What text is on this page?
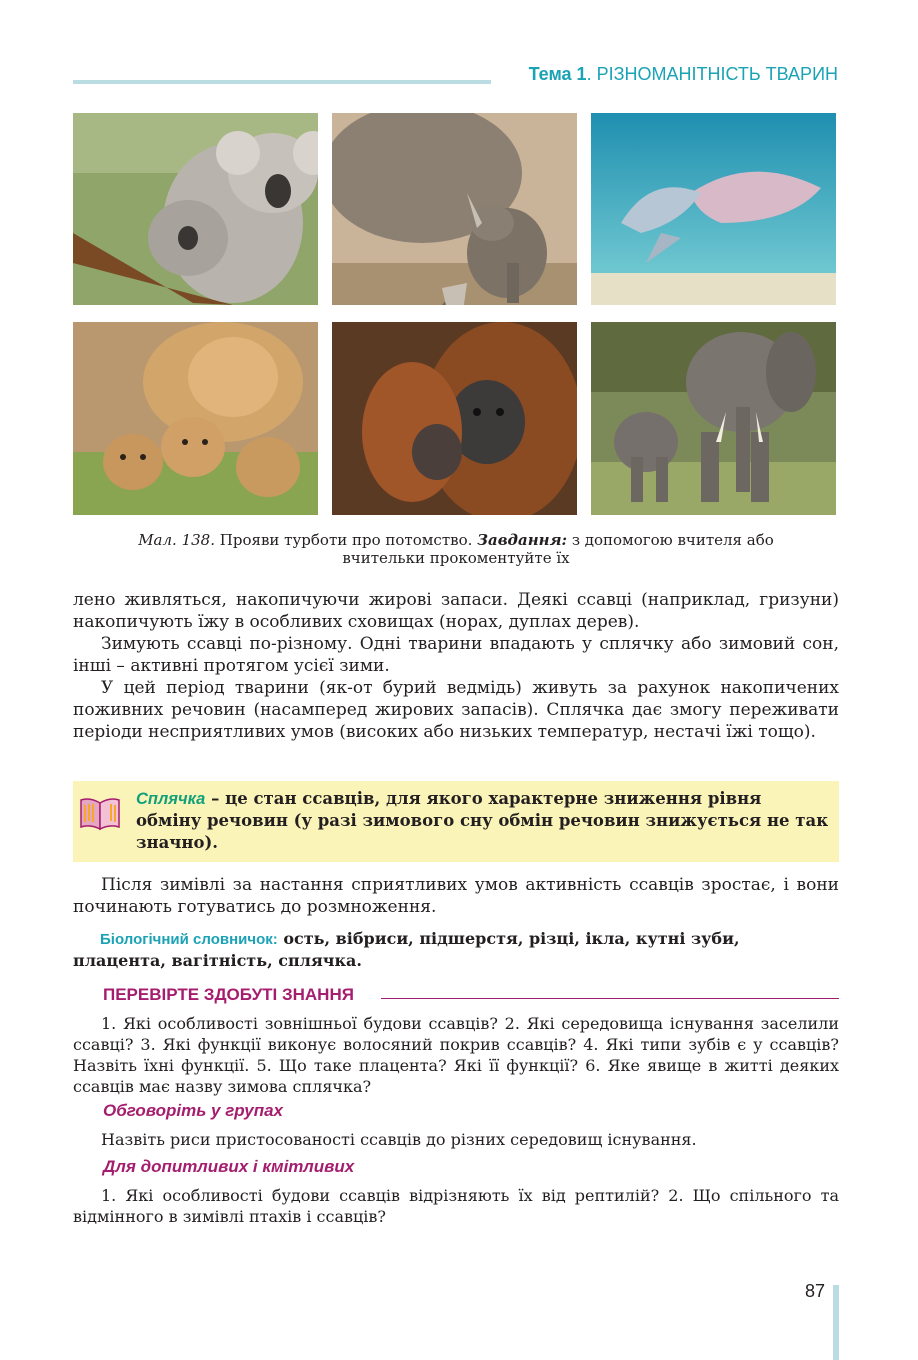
Тема 1. РІЗНОМАНІТНІСТЬ ТВАРИН
Мал. 138. Прояви турботи про потомство. Завдання: з допомогою вчителя або
вчительки прокоментуйте їх

лено живляться, накопичуючи жирові запаси. Деякі ссавці (наприклад, гризуни) накопичують їжу в особливих сховищах (норах, дуплах дерев).

Зимують ссавці по-різному. Одні тварини впадають у сплячку або зимовий сон, інші – активні протягом усієї зими.

У цей період тварини (як-от бурий ведмідь) живуть за рахунок накопичених поживних речовин (насамперед жирових запасів). Сплячка дає змогу переживати періоди несприятливих умов (високих або низьких температур, нестачі їжі тощо).

Сплячка – це стан ссавців, для якого характерне зниження рівня обміну речовин (у разі зимового сну обмін речовин знижується не так значно).

Після зимівлі за настання сприятливих умов активність ссавців зростає, і вони починають готуватись до розмноження.

Біологічний словничок: ость, вібриси, підшерстя, різці, ікла, кутні зуби,
плацента, вагітність, сплячка.
ПЕРЕВІРТЕ ЗДОБУТІ ЗНАННЯ

1. Які особливості зовнішньої будови ссавців? 2. Які середовища існування заселили ссавці? 3. Які функції виконує волосяний покрив ссавців? 4. Які типи зубів є у ссавців? Назвіть їхні функції. 5. Що таке плацента? Які її функції? 6. Яке явище в житті деяких ссавців має назву зимова сплячка?

Обговоріть у групах

Назвіть риси пристосованості ссавців до різних середовищ існування.

Для допитливих і кмітливих

1. Які особливості будови ссавців відрізняють їх від рептилій? 2. Що спільного та відмінного в зимівлі птахів і ссавців?

87
